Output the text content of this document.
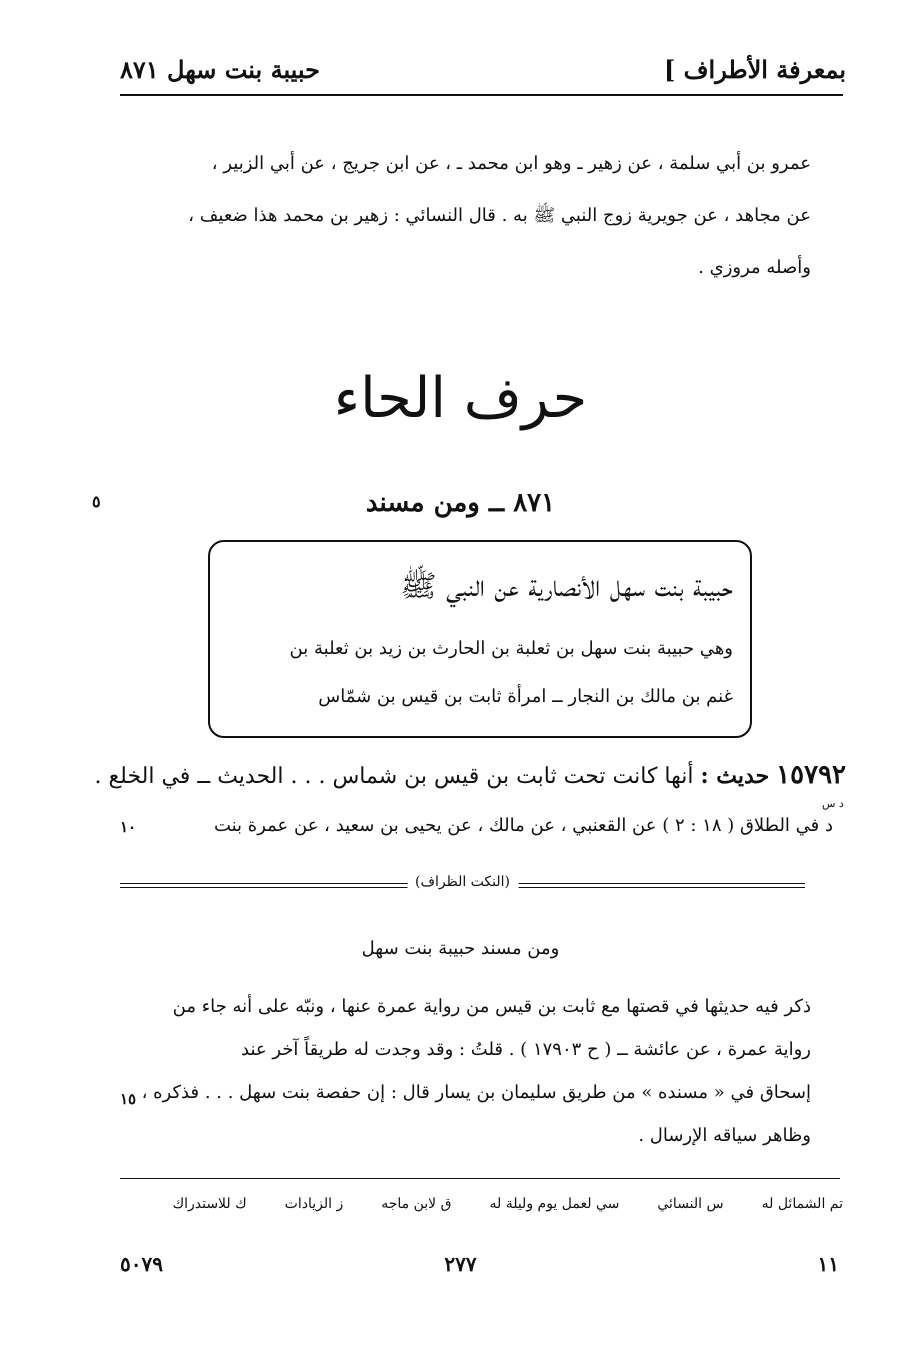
بمعرفة الأطراف ]
حبيبة بنت سهل ٨٧١

عمرو بن أبي سلمة ، عن زهير ـ وهو ابن محمد ـ ، عن ابن جريج ، عن أبي الزبير ،

عن مجاهد ، عن جويرية زوج النبي ﷺ به . قال النسائي : زهير بن محمد هذا ضعيف ،

وأصله مروزي .

حرف الحاء
٨٧١ ــ ومن مسند
٥
حبيبة بنت سهل الأنصارية عن النبي ﷺ
وهي حبيبة بنت سهل بن ثعلبة بن الحارث بن زيد بن ثعلبة بن
غنم بن مالك بن النجار ــ امرأة ثابت بن قيس بن شمّاس
١٥٧٩٢ حديث : أنها كانت تحت ثابت بن قيس بن شماس . . . الحديث ــ في الخلع .
د س
د في الطلاق ( ١٨ : ٢ ) عن القعنبي ، عن مالك ، عن يحيى بن سعيد ، عن عمرة بنت
١٠
(النكت الظراف)
ومن مسند حبيبة بنت سهل

ذكر فيه حديثها في قصتها مع ثابت بن قيس من رواية عمرة عنها ، ونبّه على أنه جاء من

رواية عمرة ، عن عائشة ــ ( ح ١٧٩٠٣ ) . قلتُ : وقد وجدت له طريقاً آخر عند

إسحاق في « مسنده » من طريق سليمان بن يسار قال : إن حفصة بنت سهل . . . فذكره ،

وظاهر سياقه الإرسال .

١٥
تم الشمائل له
س النسائي
سي لعمل يوم وليلة له
ق لابن ماجه
ز الزيادات
ك للاستدراك
١١
٢٧٧
٥٠٧٩
